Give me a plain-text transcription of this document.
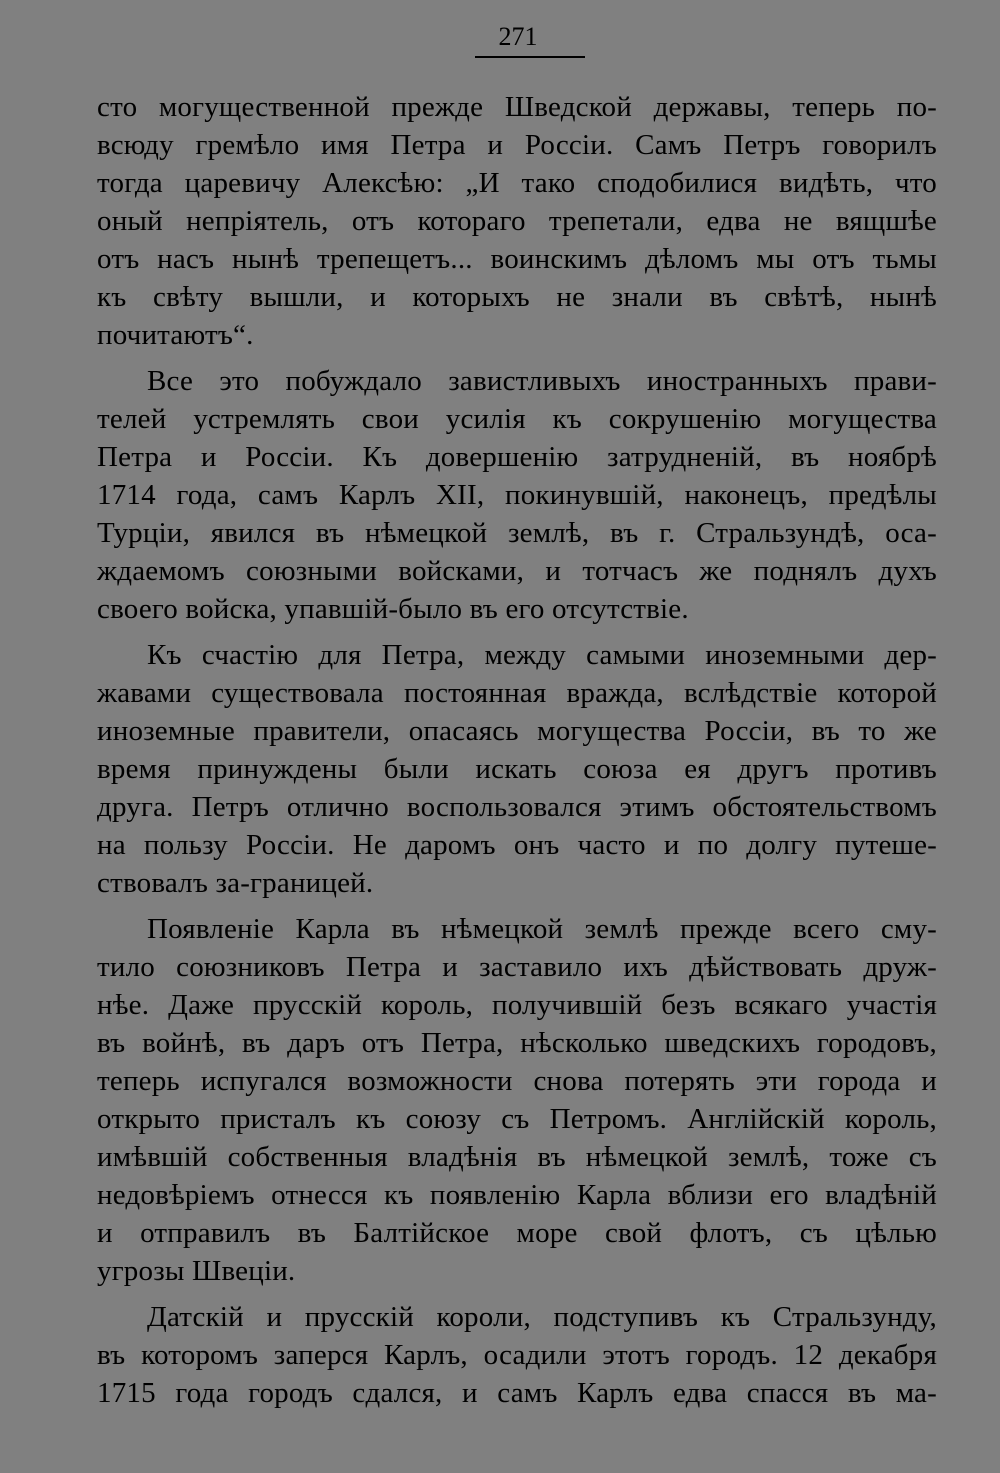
271
сто могущественной прежде Шведской державы, теперь по-
всюду гремѣло имя Петра и Россіи. Самъ Петръ говорилъ
тогда царевичу Алексѣю: „И тако сподобилися видѣть, что
оный непріятель, отъ котораго трепетали, едва не вящшѣе
отъ насъ нынѣ трепещетъ... воинскимъ дѣломъ мы отъ тьмы
къ свѣту вышли, и которыхъ не знали въ свѣтѣ, нынѣ
почитаютъ“.
Все это побуждало завистливыхъ иностранныхъ прави-
телей устремлять свои усилія къ сокрушенію могущества
Петра и Россіи. Къ довершенію затрудненій, въ ноябрѣ
1714 года, самъ Карлъ XII, покинувшій, наконецъ, предѣлы
Турціи, явился въ нѣмецкой землѣ, въ г. Стральзундѣ, оса-
ждаемомъ союзными войсками, и тотчасъ же поднялъ духъ
своего войска, упавшій-было въ его отсутствіе.
Къ счастію для Петра, между самыми иноземными дер-
жавами существовала постоянная вражда, вслѣдствіе которой
иноземные правители, опасаясь могущества Россіи, въ то же
время принуждены были искать союза ея другъ противъ
друга. Петръ отлично воспользовался этимъ обстоятельствомъ
на пользу Россіи. Не даромъ онъ часто и по долгу путеше-
ствовалъ за-границей.
Появленіе Карла въ нѣмецкой землѣ прежде всего сму-
тило союзниковъ Петра и заставило ихъ дѣйствовать друж-
нѣе. Даже прусскій король, получившій безъ всякаго участія
въ войнѣ, въ даръ отъ Петра, нѣсколько шведскихъ городовъ,
теперь испугался возможности снова потерять эти города и
открыто присталъ къ союзу съ Петромъ. Англійскій король,
имѣвшій собственныя владѣнія въ нѣмецкой землѣ, тоже съ
недовѣріемъ отнесся къ появленію Карла вблизи его владѣній
и отправилъ въ Балтійское море свой флотъ, съ цѣлью
угрозы Швеціи.
Датскій и прусскій короли, подступивъ къ Стральзунду,
въ которомъ заперся Карлъ, осадили этотъ городъ. 12 декабря
1715 года городъ сдался, и самъ Карлъ едва спасся въ ма-
